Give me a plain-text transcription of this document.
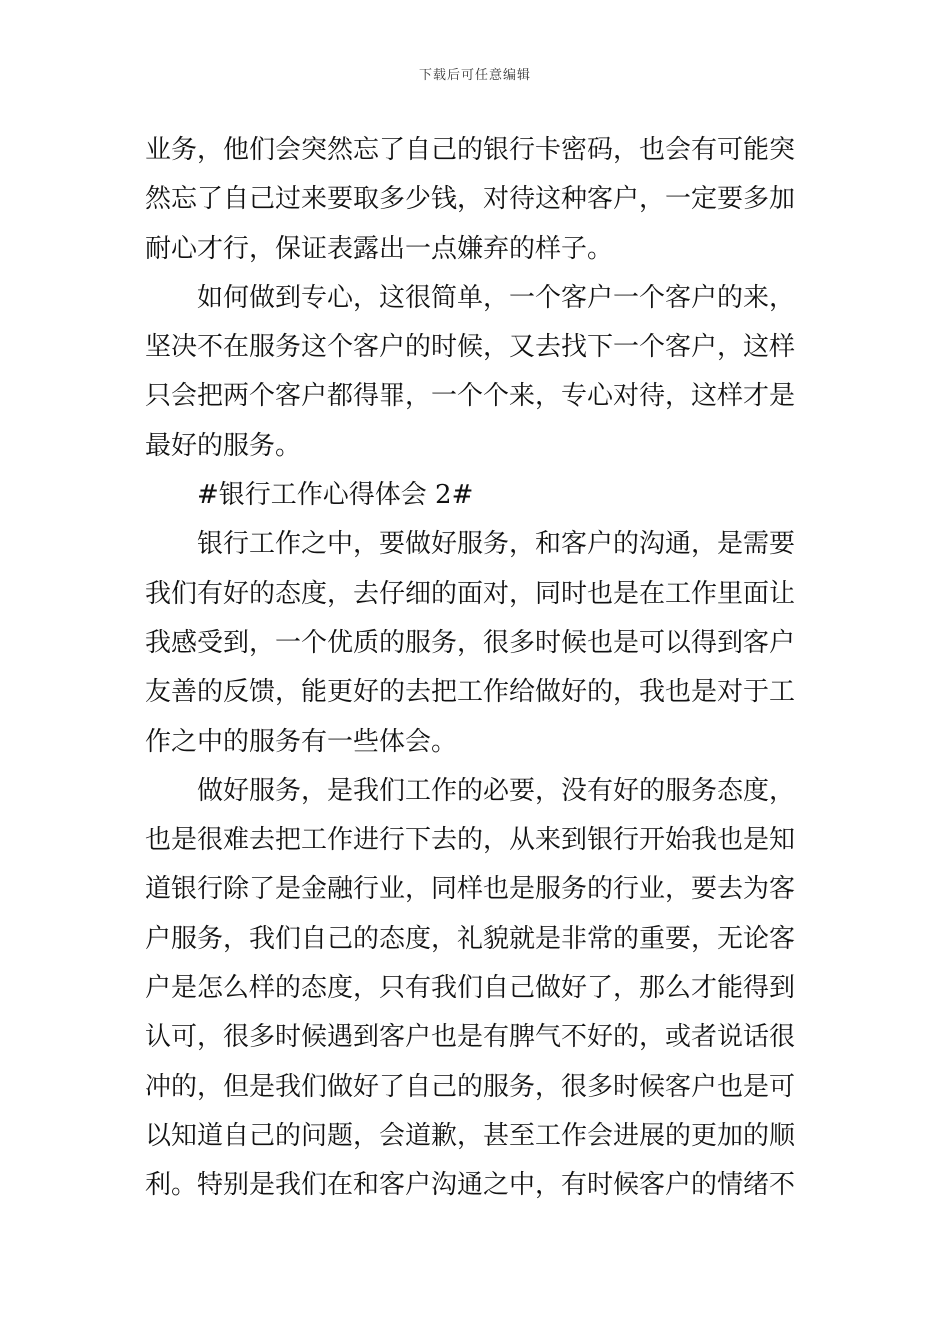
下载后可任意编辑
业务，他们会突然忘了自己的银行卡密码，也会有可能突
然忘了自己过来要取多少钱，对待这种客户，一定要多加
耐心才行，保证表露出一点嫌弃的样子。
如何做到专心，这很简单，一个客户一个客户的来，
坚决不在服务这个客户的时候，又去找下一个客户，这样
只会把两个客户都得罪，一个个来，专心对待，这样才是
最好的服务。
#银行工作心得体会 2#
银行工作之中，要做好服务，和客户的沟通，是需要
我们有好的态度，去仔细的面对，同时也是在工作里面让
我感受到，一个优质的服务，很多时候也是可以得到客户
友善的反馈，能更好的去把工作给做好的，我也是对于工
作之中的服务有一些体会。
做好服务，是我们工作的必要，没有好的服务态度，
也是很难去把工作进行下去的，从来到银行开始我也是知
道银行除了是金融行业，同样也是服务的行业，要去为客
户服务，我们自己的态度，礼貌就是非常的重要，无论客
户是怎么样的态度，只有我们自己做好了，那么才能得到
认可，很多时候遇到客户也是有脾气不好的，或者说话很
冲的，但是我们做好了自己的服务，很多时候客户也是可
以知道自己的问题，会道歉，甚至工作会进展的更加的顺
利。特别是我们在和客户沟通之中，有时候客户的情绪不
